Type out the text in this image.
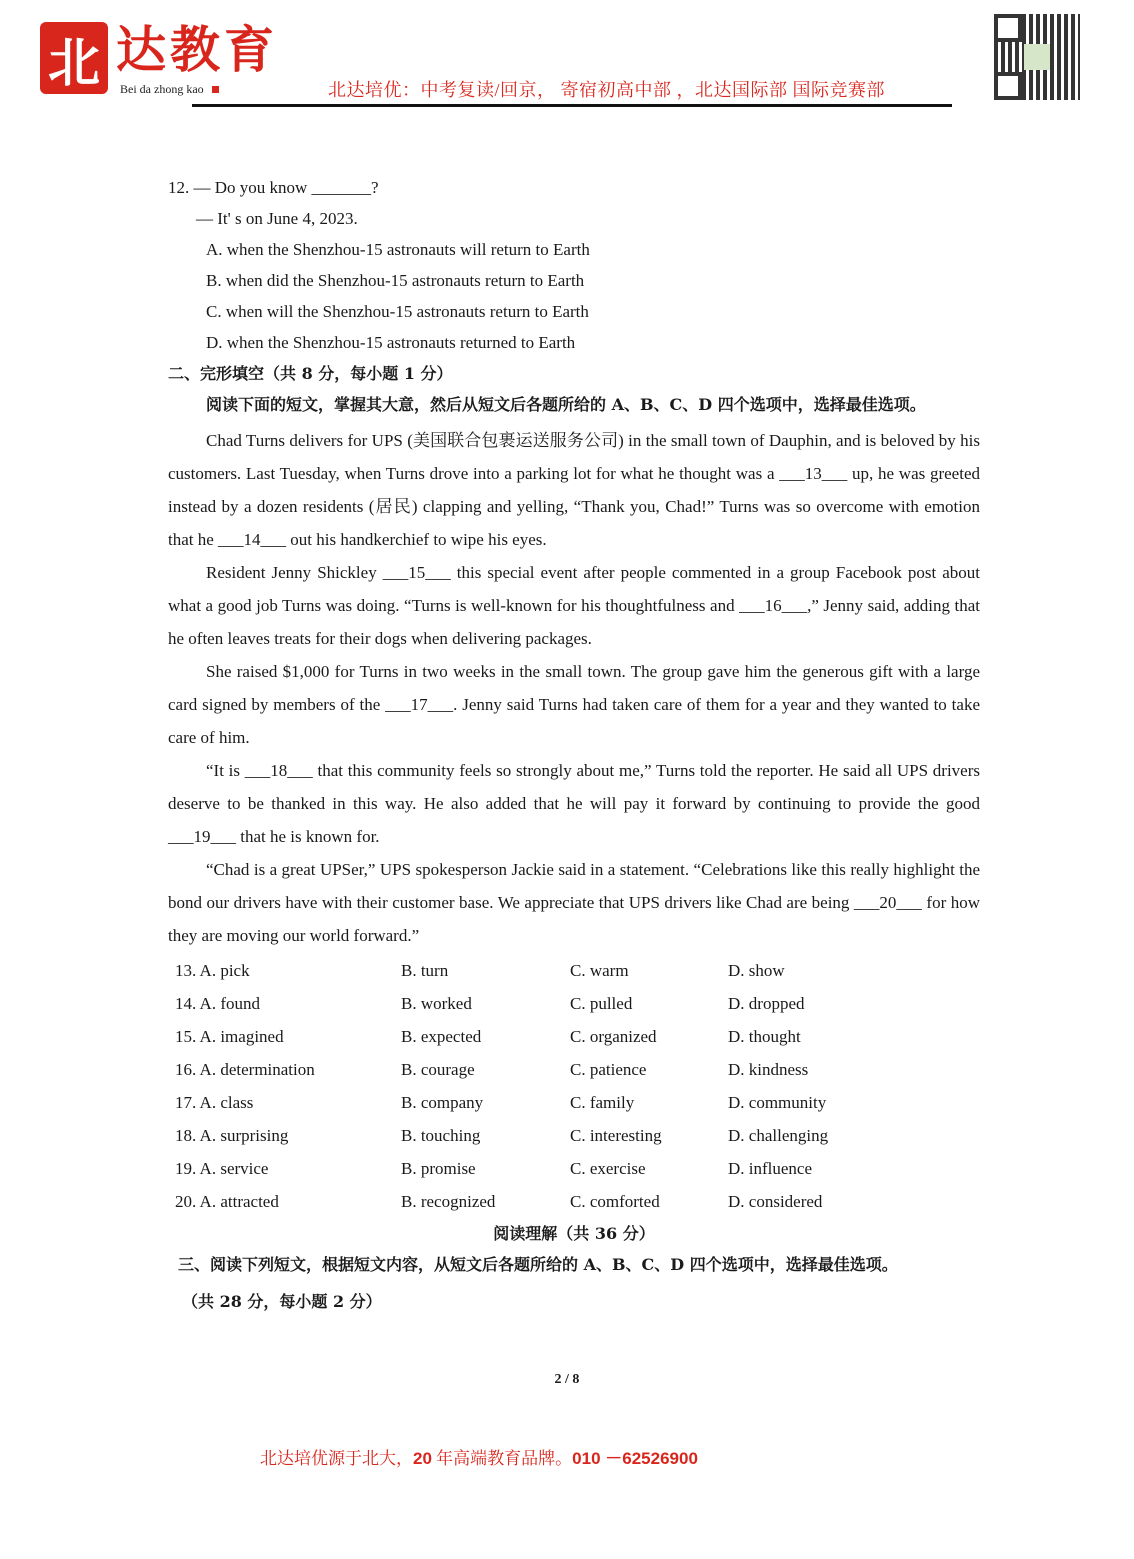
北 达教育
Bei da zhong kao	北达培优：中考复读/回京， 寄宿初高中部 ，北达国际部 国际竞赛部
12. — Do you know _______?
— It' s on June 4, 2023.
A. when the Shenzhou-15 astronauts will return to Earth
B. when did the Shenzhou-15 astronauts return to Earth
C. when will the Shenzhou-15 astronauts return to Earth
D. when the Shenzhou-15 astronauts returned to Earth
二、完形填空（共 8 分，每小题 1 分）
阅读下面的短文，掌握其大意，然后从短文后各题所给的 A、B、C、D 四个选项中，选择最佳选项。

Chad Turns delivers for UPS (美国联合包裹运送服务公司) in the small town of Dauphin, and is beloved by his customers. Last Tuesday, when Turns drove into a parking lot for what he thought was a ___13___ up, he was greeted instead by a dozen residents (居民) clapping and yelling, “Thank you, Chad!” Turns was so overcome with emotion that he ___14___ out his handkerchief to wipe his eyes.

Resident Jenny Shickley ___15___ this special event after people commented in a group Facebook post about what a good job Turns was doing. “Turns is well-known for his thoughtfulness and ___16___,” Jenny said, adding that he often leaves treats for their dogs when delivering packages.

She raised $1,000 for Turns in two weeks in the small town. The group gave him the generous gift with a large card signed by members of the ___17___. Jenny said Turns had taken care of them for a year and they wanted to take care of him.

“It is ___18___ that this community feels so strongly about me,” Turns told the reporter. He said all UPS drivers deserve to be thanked in this way. He also added that he will pay it forward by continuing to provide the good ___19___ that he is known for.

“Chad is a great UPSer,” UPS spokesperson Jackie said in a statement. “Celebrations like this really highlight the bond our drivers have with their customer base. We appreciate that UPS drivers like Chad are being ___20___ for how they are moving our world forward.”

13. A. pick	B. turn	C. warm	D. show
14. A. found	B. worked	C. pulled	D. dropped
15. A. imagined	B. expected	C. organized	D. thought
16. A. determination	B. courage	C. patience	D. kindness
17. A. class	B. company	C. family	D. community
18. A. surprising	B. touching	C. interesting	D. challenging
19. A. service	B. promise	C. exercise	D. influence
20. A. attracted	B. recognized	C. comforted	D. considered
阅读理解（共 36 分）
三、阅读下列短文，根据短文内容，从短文后各题所给的 A、B、C、D 四个选项中，选择最佳选项。
（共 28 分，每小题 2 分）
2 / 8
北达培优源于北大，20 年高端教育品牌。010 －62526900
